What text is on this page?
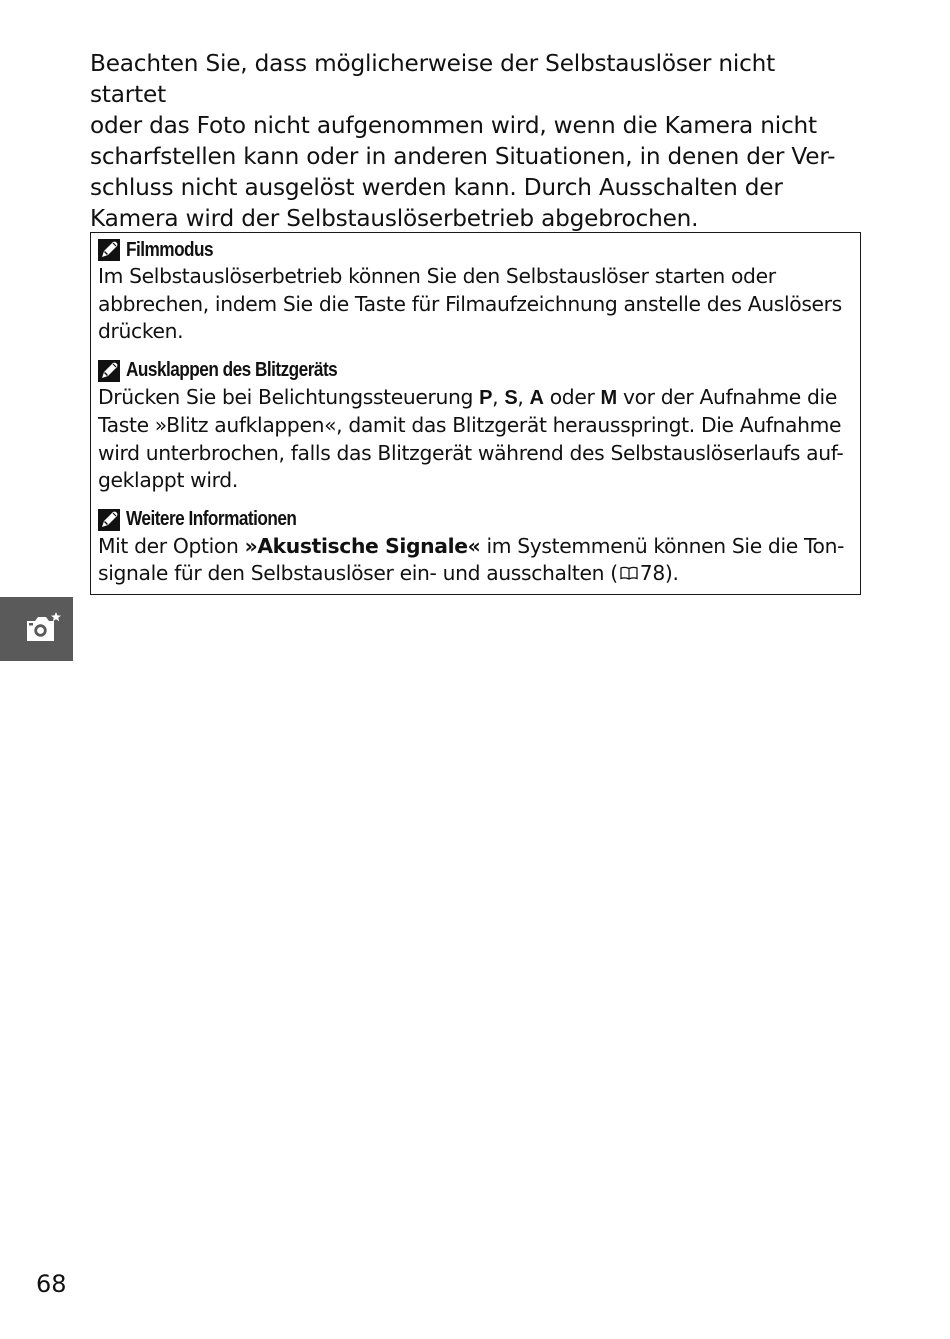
Beachten Sie, dass möglicherweise der Selbstauslöser nicht startet
oder das Foto nicht aufgenommen wird, wenn die Kamera nicht
scharfstellen kann oder in anderen Situationen, in denen der Ver-
schluss nicht ausgelöst werden kann. Durch Ausschalten der
Kamera wird der Selbstauslöserbetrieb abgebrochen.

Filmmodus

Im Selbstauslöserbetrieb können Sie den Selbstauslöser starten oder
abbrechen, indem Sie die Taste für Filmaufzeichnung anstelle des Auslösers
drücken.

Ausklappen des Blitzgeräts

Drücken Sie bei Belichtungssteuerung P, S, A oder M vor der Aufnahme die
Taste »Blitz aufklappen«, damit das Blitzgerät herausspringt. Die Aufnahme
wird unterbrochen, falls das Blitzgerät während des Selbstauslöserlaufs auf-
geklappt wird.

Weitere Informationen

Mit der Option »Akustische Signale« im Systemmenü können Sie die Ton-
signale für den Selbstauslöser ein- und ausschalten ( 78).

68
